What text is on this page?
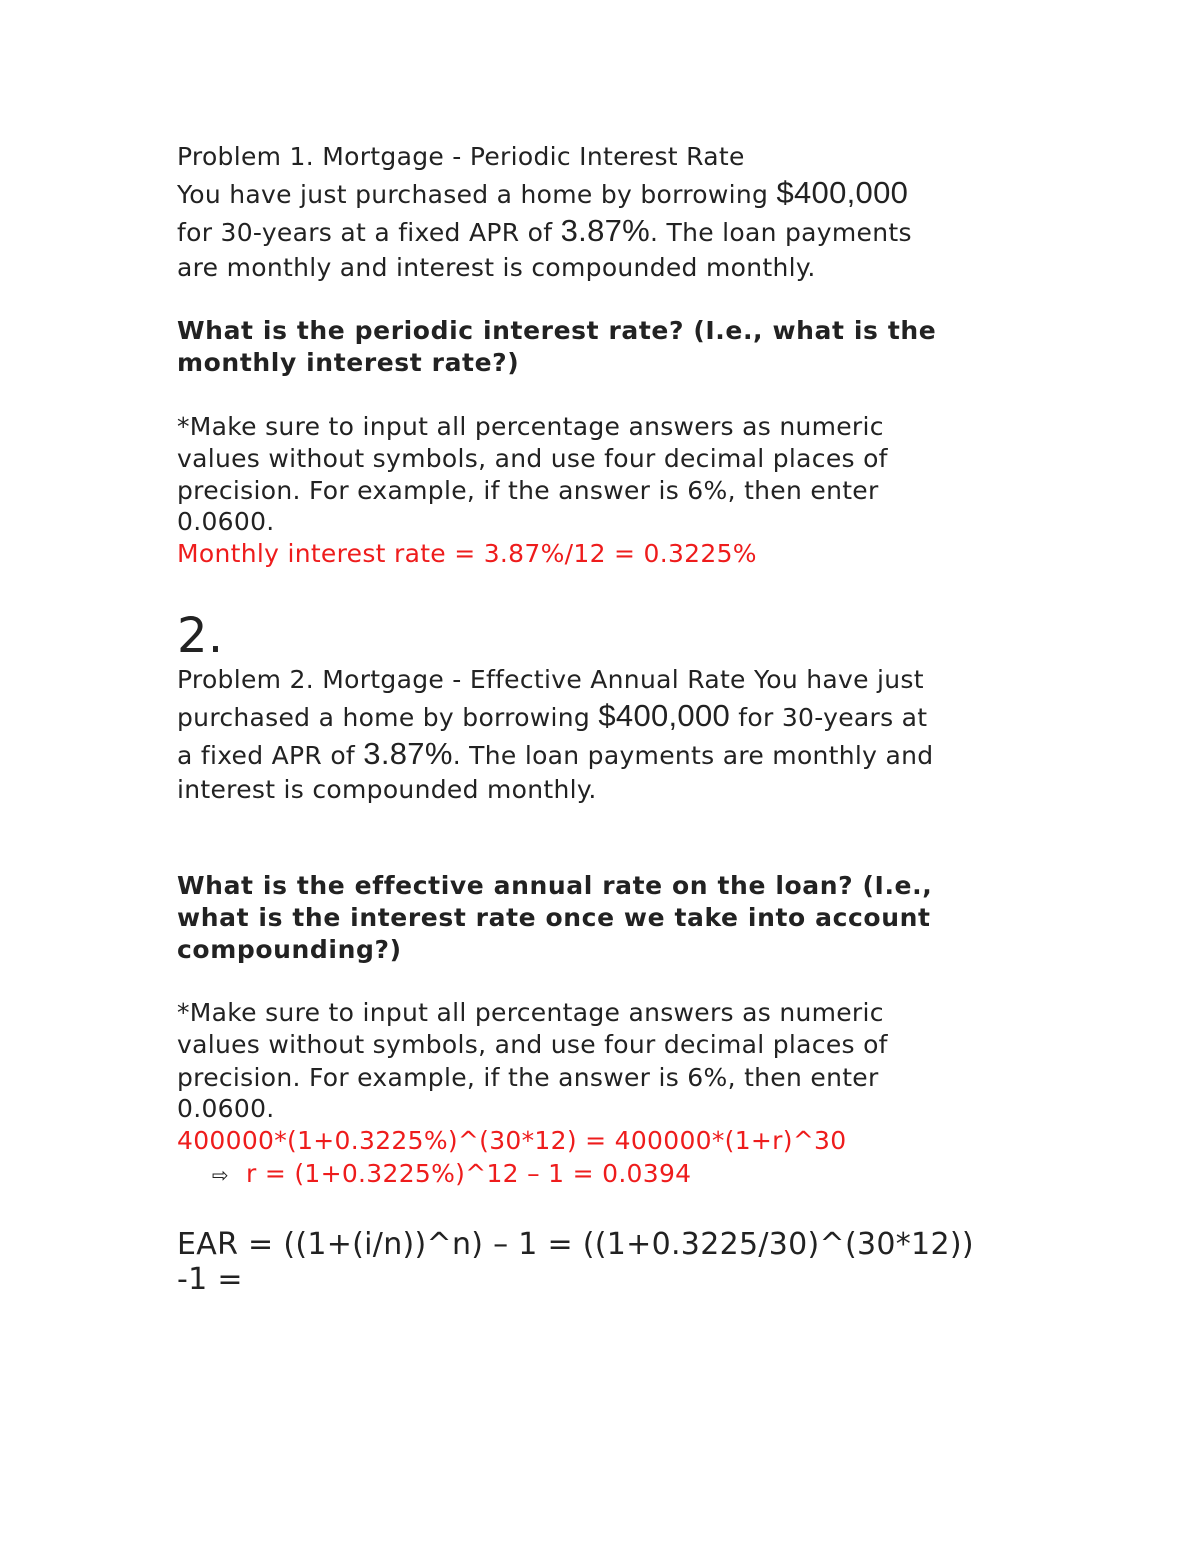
Problem 1. Mortgage - Periodic Interest Rate
You have just purchased a home by borrowing $400,000
for 30-years at a fixed APR of 3.87%. The loan payments
are monthly and interest is compounded monthly.
What is the periodic interest rate? (I.e., what is the
monthly interest rate?)
*Make sure to input all percentage answers as numeric
values without symbols, and use four decimal places of
precision. For example, if the answer is 6%, then enter
0.0600.
Monthly interest rate = 3.87%/12 = 0.3225%
2.
Problem 2. Mortgage - Effective Annual Rate You have just
purchased a home by borrowing $400,000 for 30-years at
a fixed APR of 3.87%. The loan payments are monthly and
interest is compounded monthly.
What is the effective annual rate on the loan? (I.e.,
what is the interest rate once we take into account
compounding?)
*Make sure to input all percentage answers as numeric
values without symbols, and use four decimal places of
precision. For example, if the answer is 6%, then enter
0.0600.
400000*(1+0.3225%)^(30*12) = 400000*(1+r)^30
⇨ r = (1+0.3225%)^12 – 1 = 0.0394
EAR = ((1+(i/n))^n) – 1 = ((1+0.3225/30)^(30*12))
-1 =
